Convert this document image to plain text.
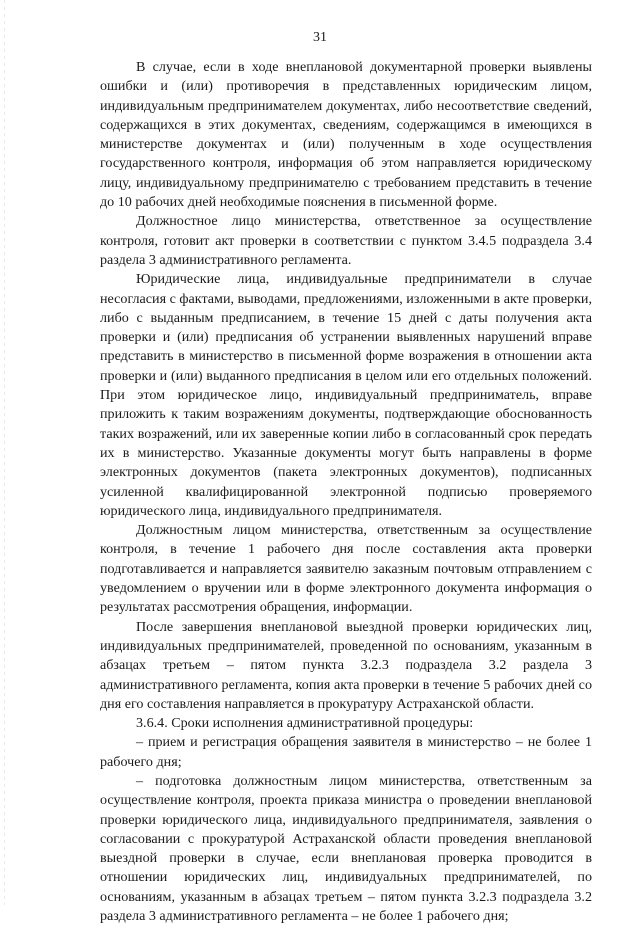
31

В случае, если в ходе внеплановой документарной проверки выявлены ошибки и (или) противоречия в представленных юридическим лицом, индивидуальным предпринимателем документах, либо несоответствие сведений, содержащихся в этих документах, сведениям, содержащимся в имеющихся в министерстве документах и (или) полученным в ходе осуществления государственного контроля, информация об этом направляется юридическому лицу, индивидуальному предпринимателю с требованием представить в течение до 10 рабочих дней необходимые пояснения в письменной форме.

Должностное лицо министерства, ответственное за осуществление контроля, готовит акт проверки в соответствии с пунктом 3.4.5 подраздела 3.4 раздела 3 административного регламента.

Юридические лица, индивидуальные предприниматели в случае несогласия с фактами, выводами, предложениями, изложенными в акте проверки, либо с выданным предписанием, в течение 15 дней с даты получения акта проверки и (или) предписания об устранении выявленных нарушений вправе представить в министерство в письменной форме возражения в отношении акта проверки и (или) выданного предписания в целом или его отдельных положений. При этом юридическое лицо, индивидуальный предприниматель, вправе приложить к таким возражениям документы, подтверждающие обоснованность таких возражений, или их заверенные копии либо в согласованный срок передать их в министерство. Указанные документы могут быть направлены в форме электронных документов (пакета электронных документов), подписанных усиленной квалифицированной электронной подписью проверяемого юридического лица, индивидуального предпринимателя.

Должностным лицом министерства, ответственным за осуществление контроля, в течение 1 рабочего дня после составления акта проверки подготавливается и направляется заявителю заказным почтовым отправлением с уведомлением о вручении или в форме электронного документа информация о результатах рассмотрения обращения, информации.

После завершения внеплановой выездной проверки юридических лиц, индивидуальных предпринимателей, проведенной по основаниям, указанным в абзацах третьем – пятом пункта 3.2.3 подраздела 3.2 раздела 3 административного регламента, копия акта проверки в течение 5 рабочих дней со дня его составления направляется в прокуратуру Астраханской области.

3.6.4. Сроки исполнения административной процедуры:

– прием и регистрация обращения заявителя в министерство – не более 1 рабочего дня;

– подготовка должностным лицом министерства, ответственным за осуществление контроля, проекта приказа министра о проведении внеплановой проверки юридического лица, индивидуального предпринимателя, заявления о согласовании с прокуратурой Астраханской области проведения внеплановой выездной проверки в случае, если внеплановая проверка проводится в отношении юридических лиц, индивидуальных предпринимателей, по основаниям, указанным в абзацах третьем – пятом пункта 3.2.3 подраздела 3.2 раздела 3 административного регламента – не более 1 рабочего дня;
